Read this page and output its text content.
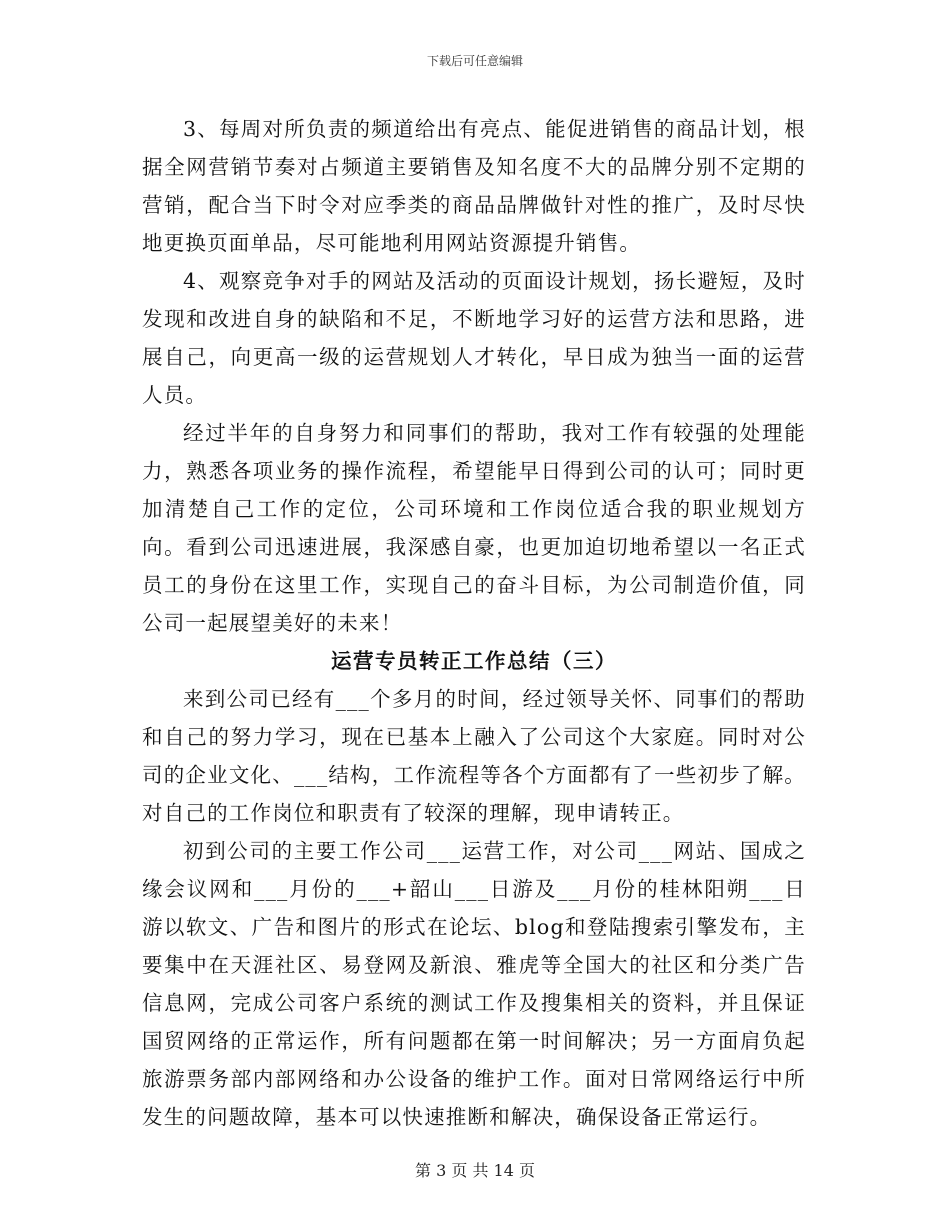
下载后可任意编辑

3、每周对所负责的频道给出有亮点、能促进销售的商品计划，根据全网营销节奏对占频道主要销售及知名度不大的品牌分别不定期的营销，配合当下时令对应季类的商品品牌做针对性的推广，及时尽快地更换页面单品，尽可能地利用网站资源提升销售。

4、观察竞争对手的网站及活动的页面设计规划，扬长避短，及时发现和改进自身的缺陷和不足，不断地学习好的运营方法和思路，进展自己，向更高一级的运营规划人才转化，早日成为独当一面的运营人员。

经过半年的自身努力和同事们的帮助，我对工作有较强的处理能力，熟悉各项业务的操作流程，希望能早日得到公司的认可；同时更加清楚自己工作的定位，公司环境和工作岗位适合我的职业规划方向。看到公司迅速进展，我深感自豪，也更加迫切地希望以一名正式员工的身份在这里工作，实现自己的奋斗目标，为公司制造价值，同公司一起展望美好的未来！

运营专员转正工作总结（三）

来到公司已经有___个多月的时间，经过领导关怀、同事们的帮助和自己的努力学习，现在已基本上融入了公司这个大家庭。同时对公司的企业文化、___结构，工作流程等各个方面都有了一些初步了解。对自己的工作岗位和职责有了较深的理解，现申请转正。

初到公司的主要工作公司___运营工作，对公司___网站、国成之缘会议网和___月份的___+韶山___日游及___月份的桂林阳朔___日游以软文、广告和图片的形式在论坛、blog和登陆搜索引擎发布，主要集中在天涯社区、易登网及新浪、雅虎等全国大的社区和分类广告信息网，完成公司客户系统的测试工作及搜集相关的资料，并且保证国贸网络的正常运作，所有问题都在第一时间解决；另一方面肩负起旅游票务部内部网络和办公设备的维护工作。面对日常网络运行中所发生的问题故障，基本可以快速推断和解决，确保设备正常运行。

第 3 页 共 14 页
